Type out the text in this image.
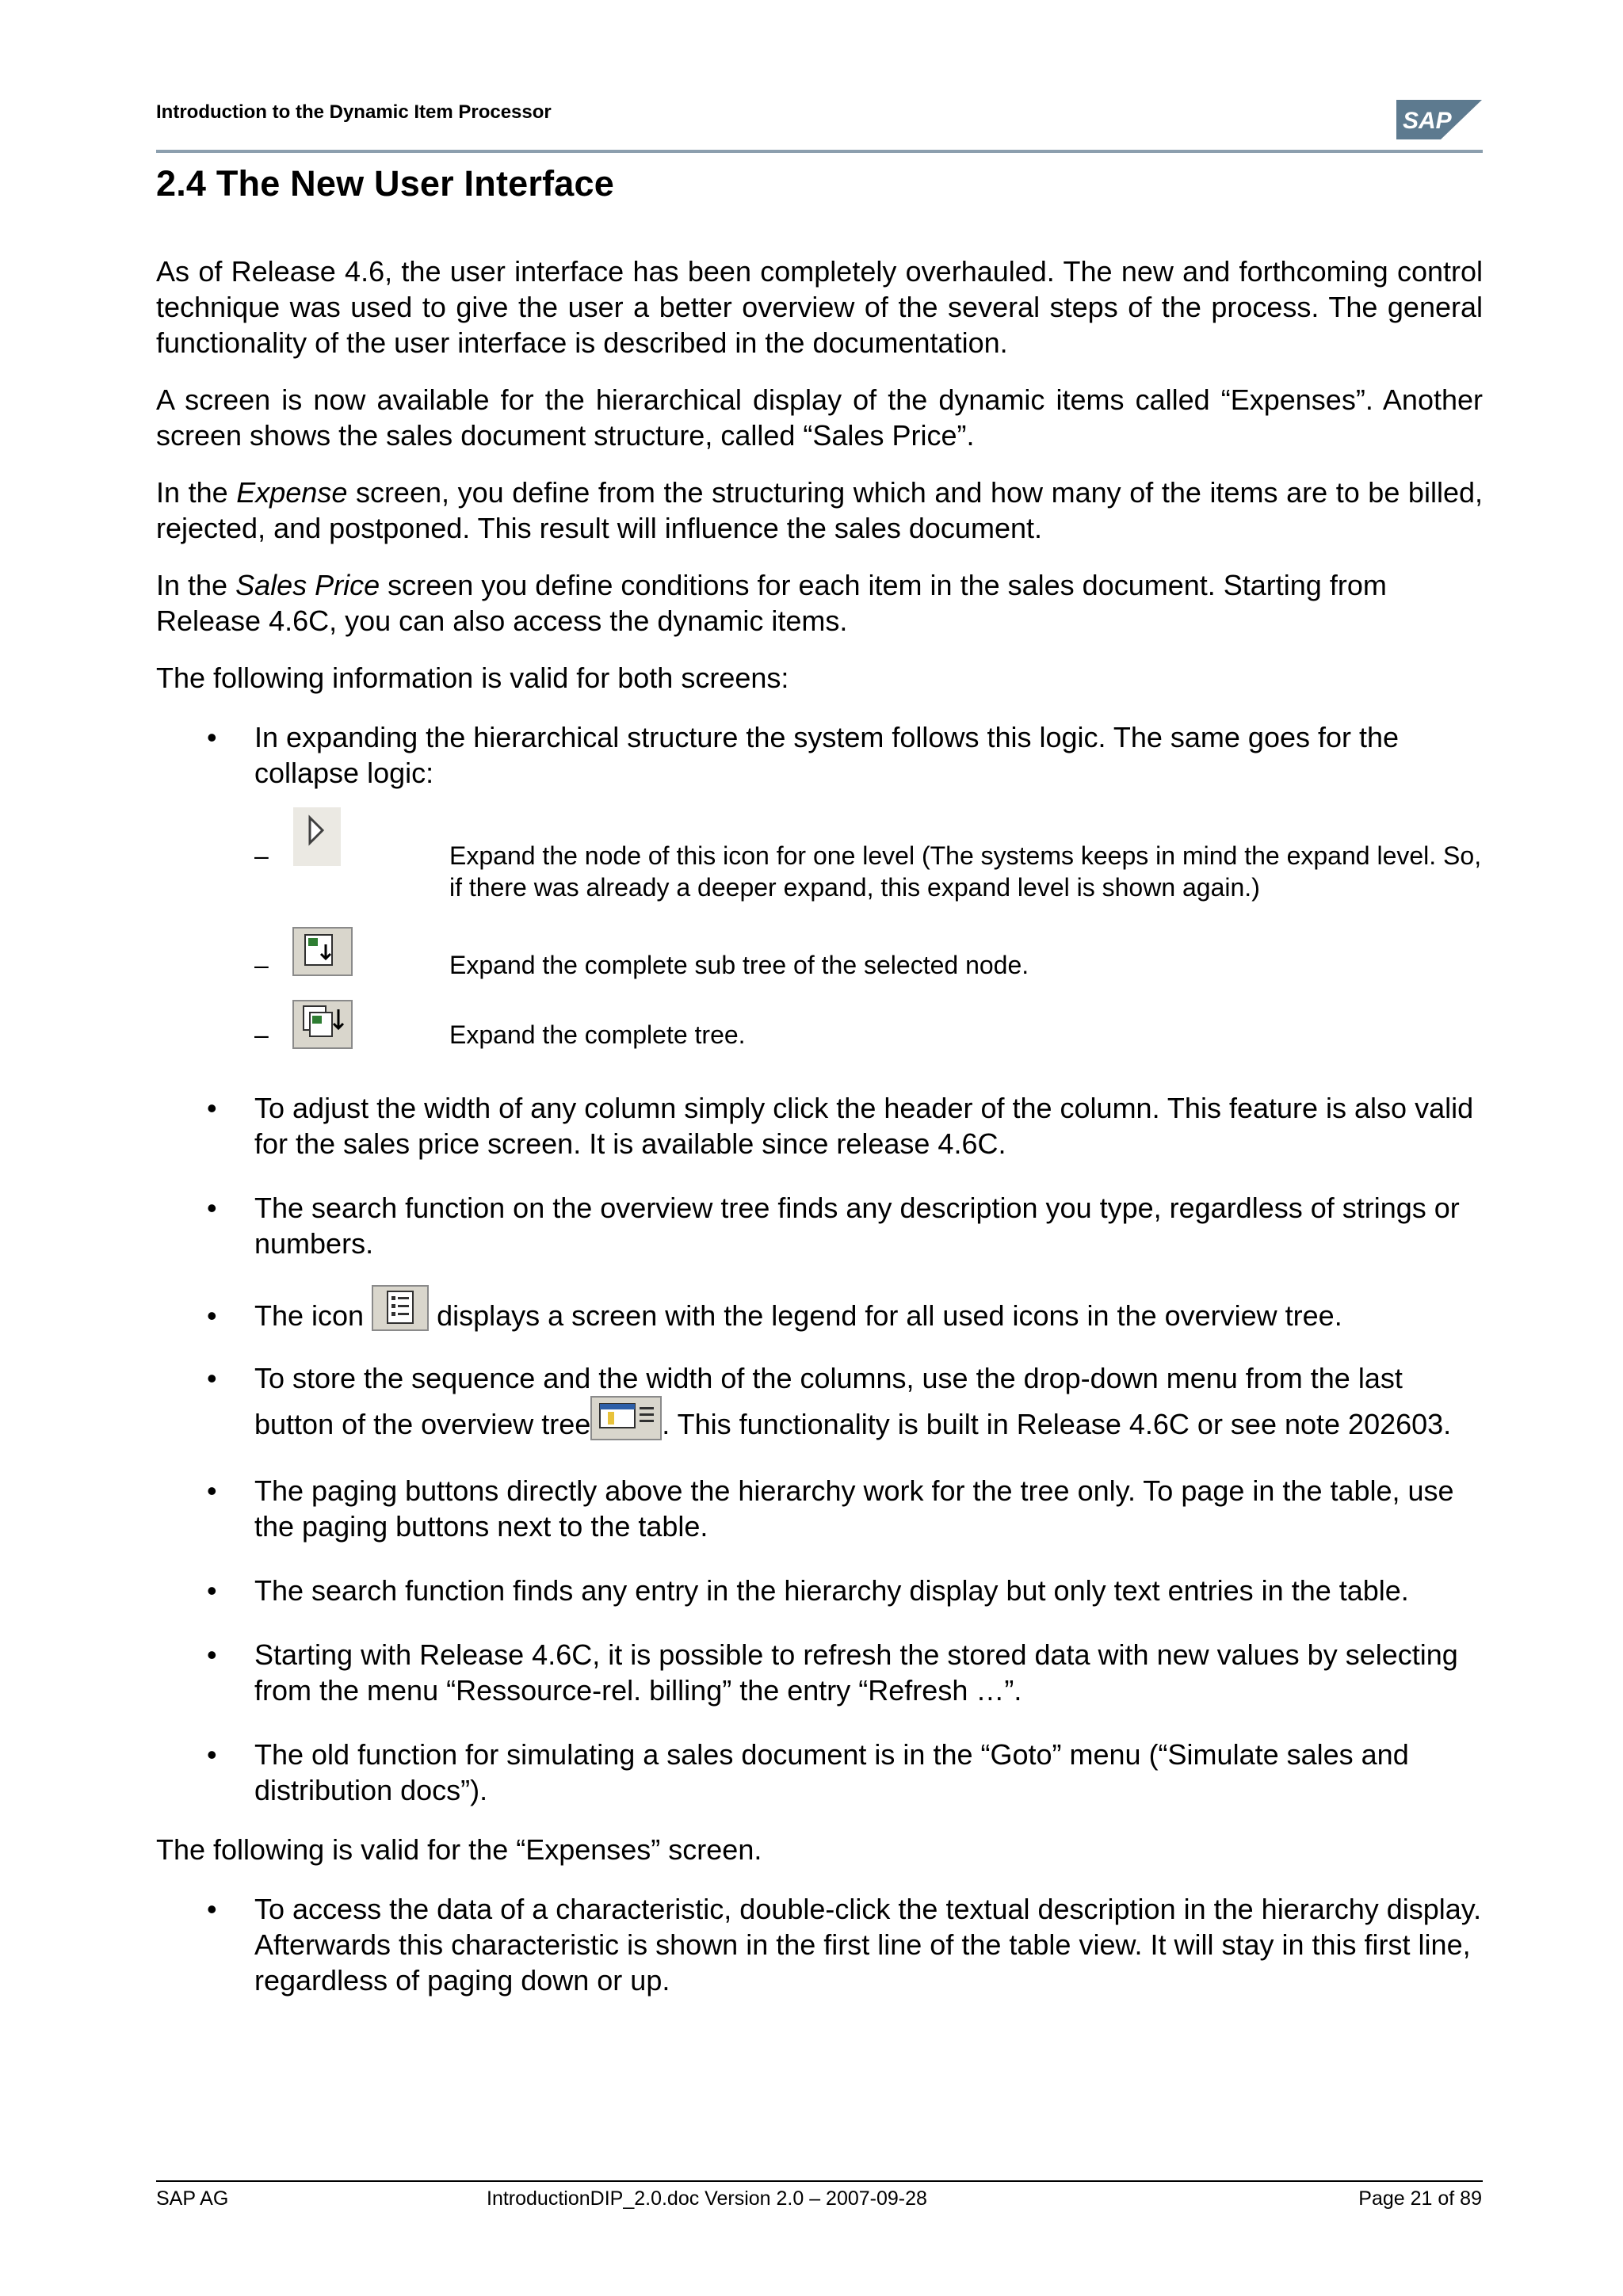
Introduction to the Dynamic Item Processor	SAP
2.4 The New User Interface

As of Release 4.6, the user interface has been completely overhauled. The new and forthcoming control technique was used to give the user a better overview of the several steps of the process. The general functionality of the user interface is described in the documentation.

A screen is now available for the hierarchical display of the dynamic items called “Expenses”. Another screen shows the sales document structure, called “Sales Price”.

In the Expense screen, you define from the structuring which and how many of the items are to be billed, rejected, and postponed. This result will influence the sales document.

In the Sales Price screen you define conditions for each item in the sales document. Starting from Release 4.6C, you can also access the dynamic items.

The following information is valid for both screens:

• In expanding the hierarchical structure the system follows this logic. The same goes for the collapse logic:
–	Expand the node of this icon for one level (The systems keeps in mind the expand level. So, if there was already a deeper expand, this expand level is shown again.)
–	Expand the complete sub tree of the selected node.
–	Expand the complete tree.
• To adjust the width of any column simply click the header of the column. This feature is also valid for the sales price screen. It is available since release 4.6C.
• The search function on the overview tree finds any description you type, regardless of strings or numbers.
• The icon  displays a screen with the legend for all used icons in the overview tree.
• To store the sequence and the width of the columns, use the drop-down menu from the last button of the overview tree	. This functionality is built in Release 4.6C or see note 202603.
• The paging buttons directly above the hierarchy work for the tree only. To page in the table, use the paging buttons next to the table.
• The search function finds any entry in the hierarchy display but only text entries in the table.
• Starting with Release 4.6C, it is possible to refresh the stored data with new values by selecting from the menu “Ressource-rel. billing” the entry “Refresh …”.
• The old function for simulating a sales document is in the “Goto” menu (“Simulate sales and distribution docs”).

The following is valid for the “Expenses” screen.

• To access the data of a characteristic, double-click the textual description in the hierarchy display. Afterwards this characteristic is shown in the first line of the table view. It will stay in this first line, regardless of paging down or up.
SAP AG	IntroductionDIP_2.0.doc Version 2.0 – 2007-09-28	Page 21 of 89
